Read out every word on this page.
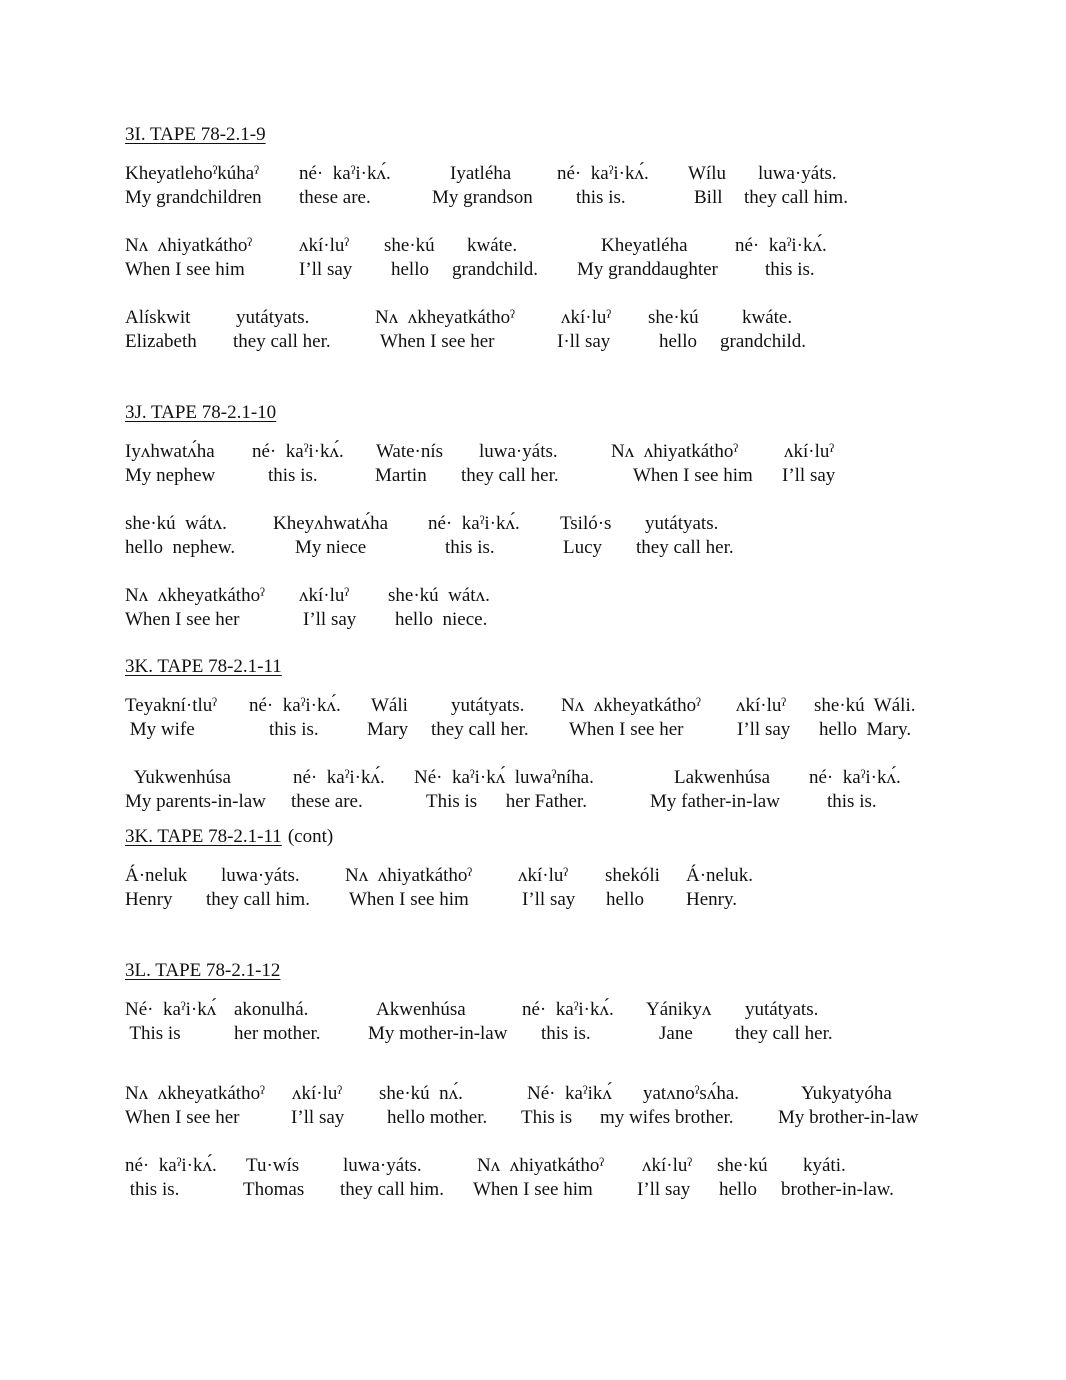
3I. TAPE 78-2.1-9

Kheyatlehoˀkúhaˀ	né·  kaˀi·kʌ́.	Iyatléha	né·  kaˀi·kʌ́.	Wílu	luwa·yáts.
My grandchildren	these are.	My grandson	this is.	Bill	they call him.
Nʌ  ʌhiyatkáthoˀ	ʌkí·luˀ	she·kú	kwáte.	Kheyatléha	né·  kaˀi·kʌ́.
When I see him	I’ll say	hello	grandchild.	My granddaughter	this is.
Alískwit	yutátyats.	Nʌ  ʌkheyatkáthoˀ	ʌkí·luˀ	she·kú	kwáte.
Elizabeth	they call her.	When I see her	I·ll say	hello	grandchild.

3J. TAPE 78-2.1-10

Iyʌhwatʌ́ha	né·  kaˀi·kʌ́.	Wate·nís	luwa·yáts.	Nʌ  ʌhiyatkáthoˀ	ʌkí·luˀ
My nephew	this is.	Martin	they call her.	When I see him	I’ll say
she·kú  wátʌ.	Kheyʌhwatʌ́ha	né·  kaˀi·kʌ́.	Tsiló·s	yutátyats.
hello  nephew.	My niece	this is.	Lucy	they call her.
Nʌ  ʌkheyatkáthoˀ	ʌkí·luˀ	she·kú  wátʌ.
When I see her	I’ll say	hello  niece.

3K. TAPE 78-2.1-11

Teyakní·tluˀ	né·  kaˀi·kʌ́.	Wáli	yutátyats.	Nʌ  ʌkheyatkáthoˀ	ʌkí·luˀ	she·kú  Wáli.
My wife	this is.	Mary	they call her.	When I see her	I’ll say	hello  Mary.
Yukwenhúsa	né·  kaˀi·kʌ́.	Né·  kaˀi·kʌ́  luwaˀníha.	Lakwenhúsa	né·  kaˀi·kʌ́.
My parents-in-law	these are.	This is      her Father.	My father-in-law	this is.

3K. TAPE 78-2.1-11 (cont)

Á·neluk	luwa·yáts.	Nʌ  ʌhiyatkáthoˀ	ʌkí·luˀ	shekóli	Á·neluk.
Henry	they call him.	When I see him	I’ll say	hello	Henry.

3L. TAPE 78-2.1-12

Né·  kaˀi·kʌ́ akonulhá.	Akwenhúsa	né·  kaˀi·kʌ́.	Yánikyʌ	yutátyats.
This is	her mother.	My mother-in-law	this is.	Jane	they call her.
Nʌ  ʌkheyatkáthoˀ	ʌkí·luˀ	she·kú  nʌ́.	Né·  kaˀikʌ́	yatʌnoˀsʌ́ha.	Yukyatyóha
When I see her	I’ll say	hello mother.	This is	my wifes brother.	My brother-in-law
né·  kaˀi·kʌ́.	Tu·wís	luwa·yáts.	Nʌ  ʌhiyatkáthoˀ	ʌkí·luˀ	she·kú	kyáti.
this is.	Thomas	they call him.	When I see him	I’ll say	hello	brother-in-law.
